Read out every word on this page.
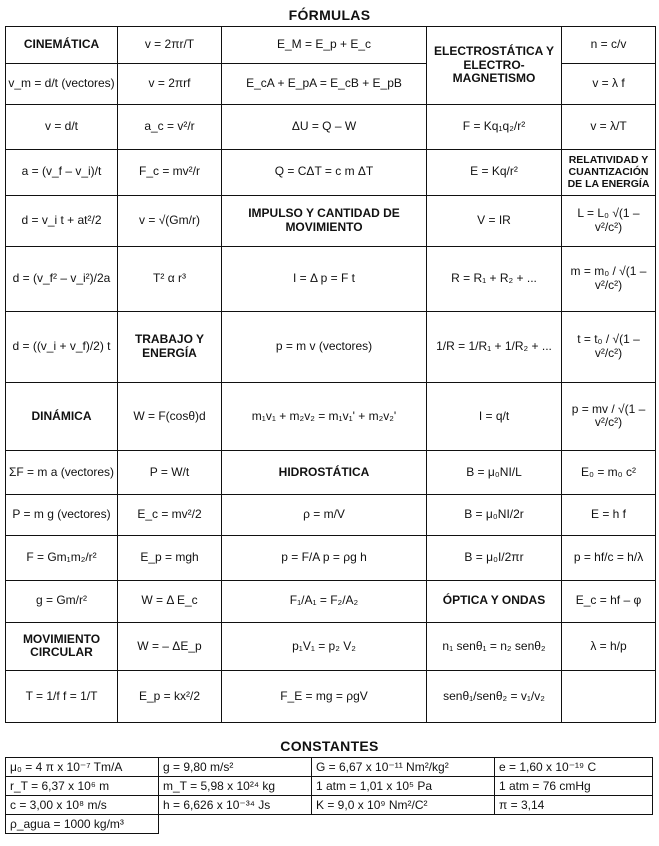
FÓRMULAS
CINEMÁTICA	v = 2πr/T	E_M = E_p + E_c	ELECTROSTÁTICA Y ELECTRO-MAGNETISMO	n = c/v
v_m = d/t (vectores)	v = 2πrf	E_cA + E_pA = E_cB + E_pB		v = λ f
v = d/t	a_c = v²/r	ΔU = Q – W	F = Kq₁q₂/r²	v = λ/T
a = (v_f – v_i)/t	F_c = mv²/r	Q = CΔT = c m ΔT	E = Kq/r²	RELATIVIDAD Y CUANTIZACIÓN DE LA ENERGÍA
d = v_i t + at²/2	v = √(Gm/r)	IMPULSO Y CANTIDAD DE MOVIMIENTO	V = IR	L = L₀ √(1 – v²/c²)
d = (v_f² – v_i²)/2a	T² α r³	I = Δ p = F t	R = R₁ + R₂ + ...	m = m₀ / √(1 – v²/c²)
d = ((v_i + v_f)/2) t	TRABAJO Y ENERGÍA	p = m v (vectores)	1/R = 1/R₁ + 1/R₂ + ...	t = t₀ / √(1 – v²/c²)
DINÁMICA	W = F(cosθ)d	m₁v₁ + m₂v₂ = m₁v₁' + m₂v₂'	I = q/t	p = mv / √(1 – v²/c²)
ΣF = m a (vectores)	P = W/t	HIDROSTÁTICA	B = μ₀NI/L	E₀ = m₀ c²
P = m g (vectores)	E_c = mv²/2	ρ = m/V	B = μ₀NI/2r	E = h f
F = Gm₁m₂/r²	E_p = mgh	p = F/A p = ρg h	B = μ₀I/2πr	p = hf/c = h/λ
g = Gm/r²	W = Δ E_c	F₁/A₁ = F₂/A₂	ÓPTICA Y ONDAS	E_c = hf – φ
MOVIMIENTO CIRCULAR	W = – ΔE_p	p₁V₁ = p₂ V₂	n₁ senθ₁ = n₂ senθ₂	λ = h/p
T = 1/f f = 1/T	E_p = kx²/2	F_E = mg = ρgV	senθ₁/senθ₂ = v₁/v₂	
CONSTANTES
μ₀ = 4 π x 10⁻⁷ Tm/A	g = 9,80 m/s²	G = 6,67 x 10⁻¹¹ Nm²/kg²	e = 1,60 x 10⁻¹⁹ C
r_T = 6,37 x 10⁶ m	m_T = 5,98 x 10²⁴ kg	1 atm = 1,01 x 10⁵ Pa	1 atm = 76 cmHg
c = 3,00 x 10⁸ m/s	h = 6,626 x 10⁻³⁴ Js	K = 9,0 x 10⁹ Nm²/C²	π = 3,14
ρ_agua = 1000 kg/m³			
